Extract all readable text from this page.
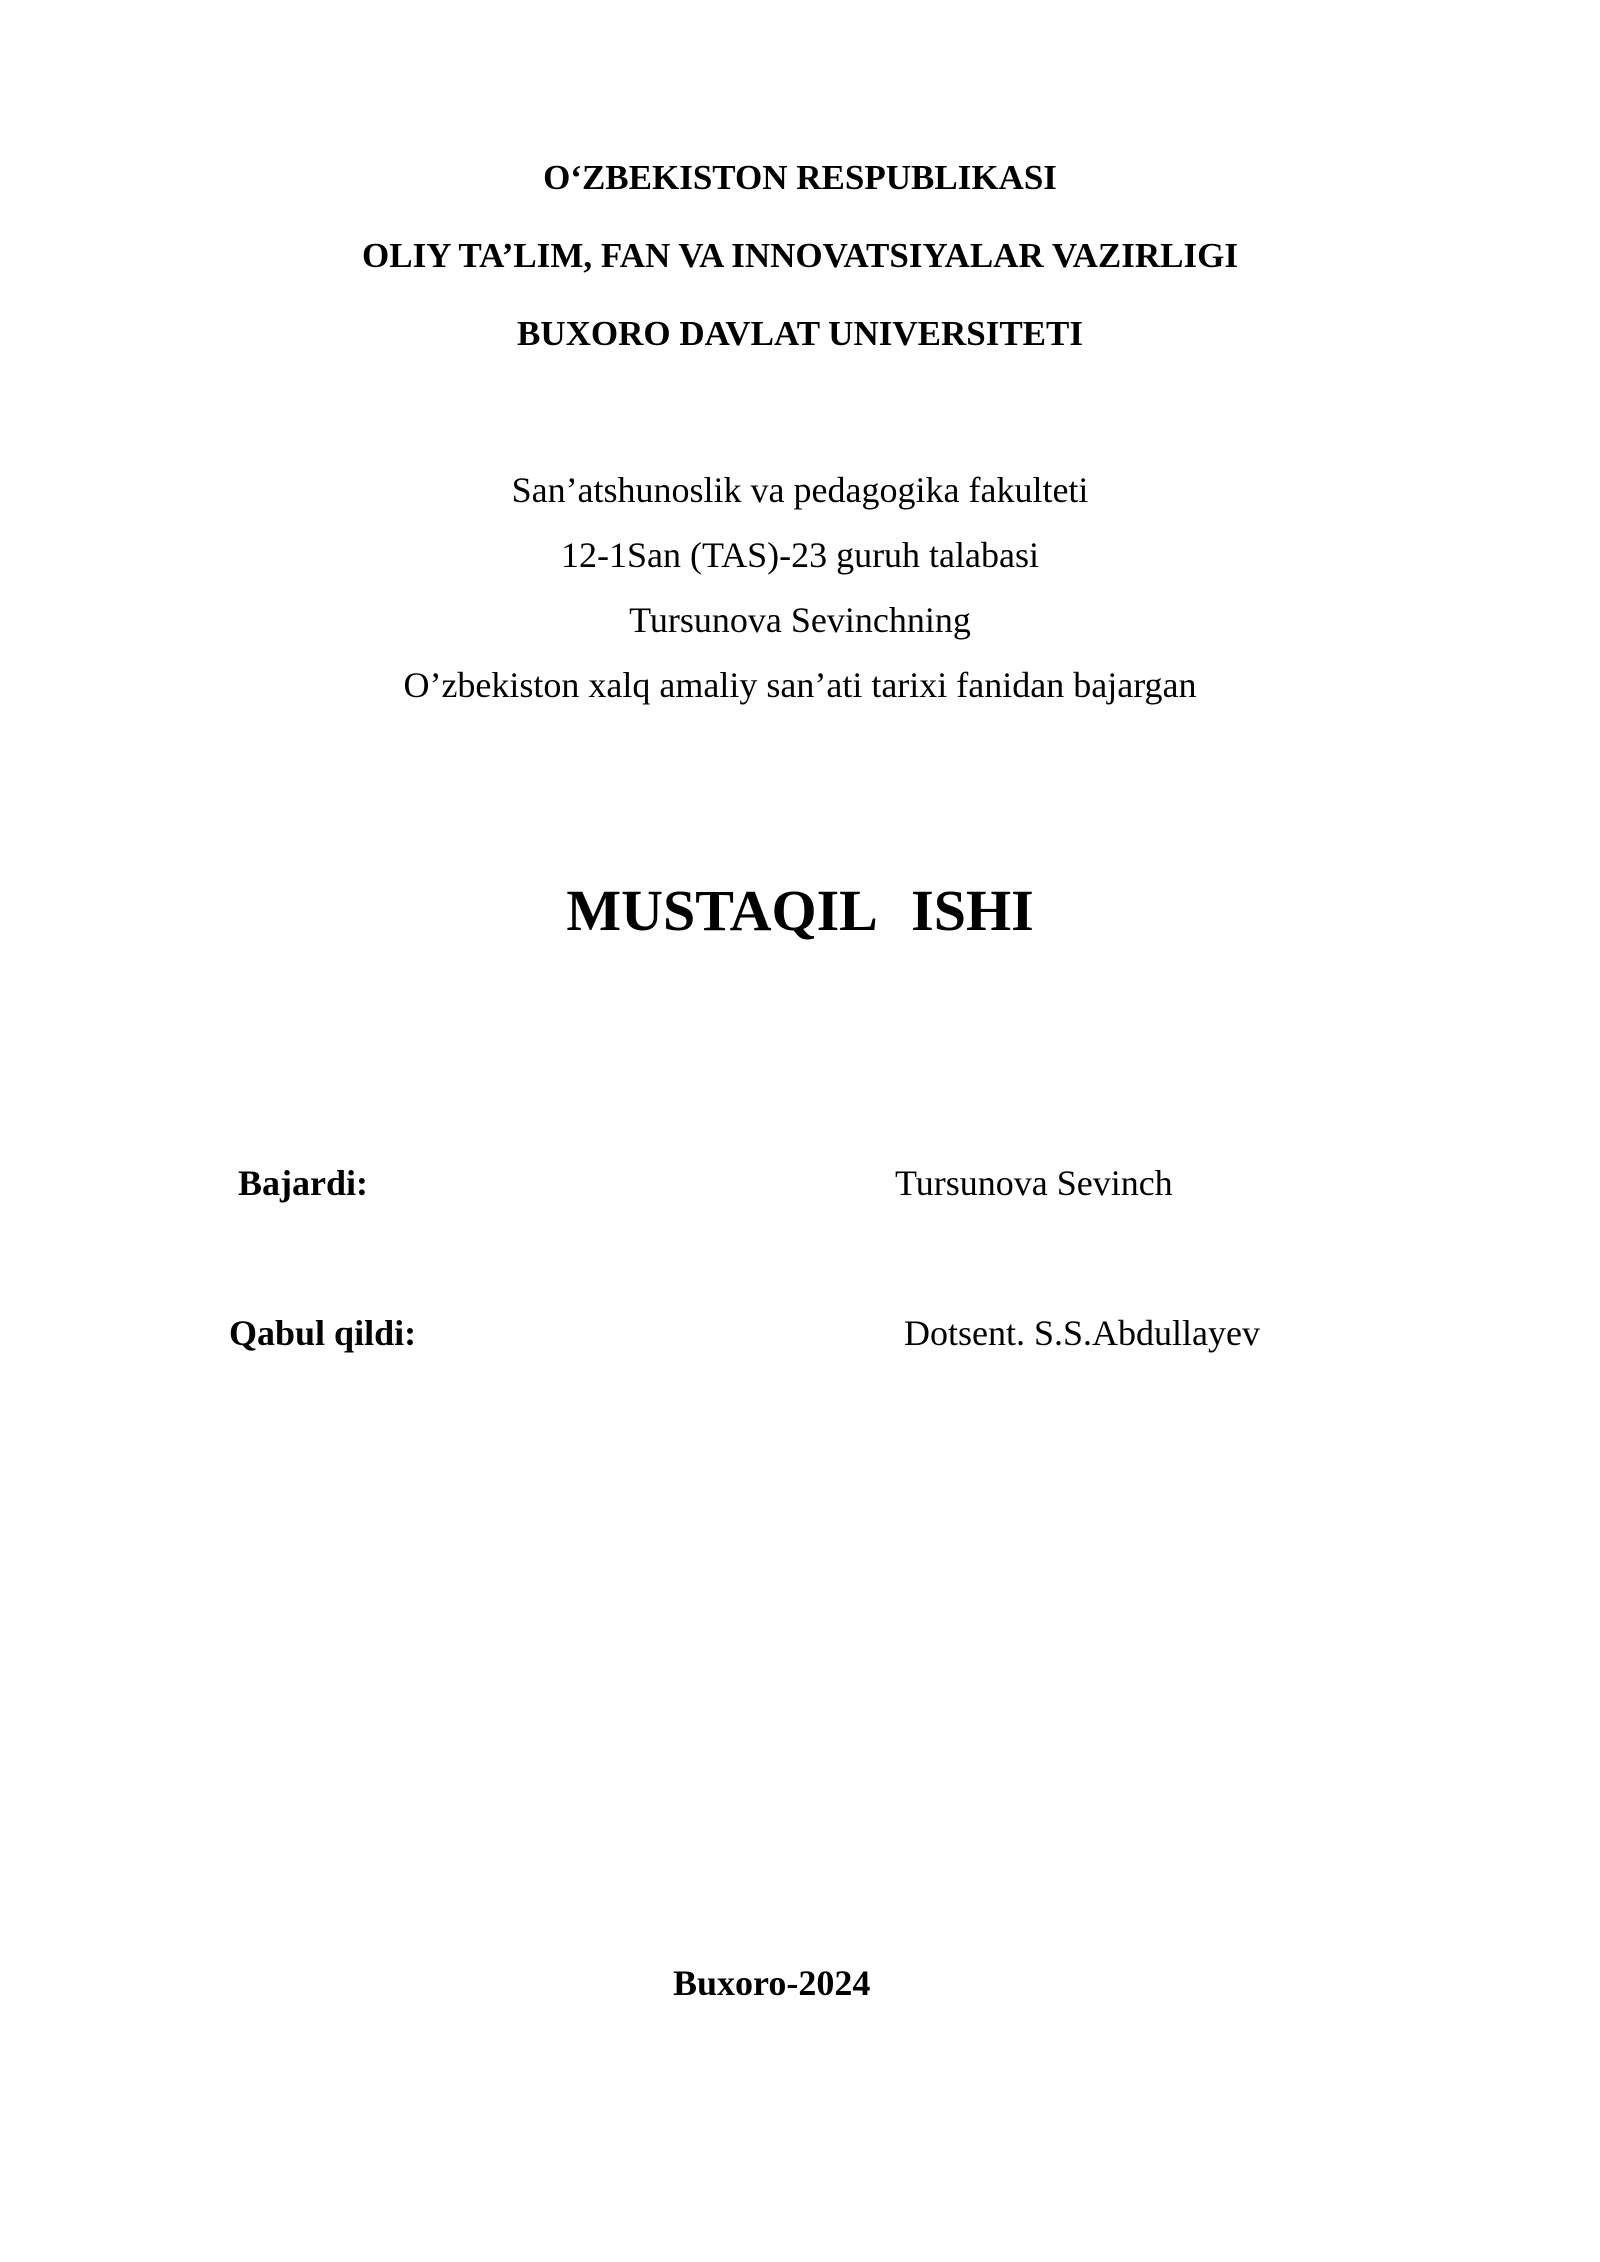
O‘ZBEKISTON RESPUBLIKASI
OLIY TA’LIM, FAN VA INNOVATSIYALAR VAZIRLIGI
BUXORO DAVLAT UNIVERSITETI
San’atshunoslik va pedagogika fakulteti
12-1San (TAS)-23 guruh talabasi
Tursunova Sevinchning
O’zbekiston xalq amaliy san’ati tarixi fanidan bajargan
MUSTAQIL ISHI
Bajardi:	Tursunova Sevinch
Qabul qildi:	Dotsent. S.S.Abdullayev
Buxoro-2024
